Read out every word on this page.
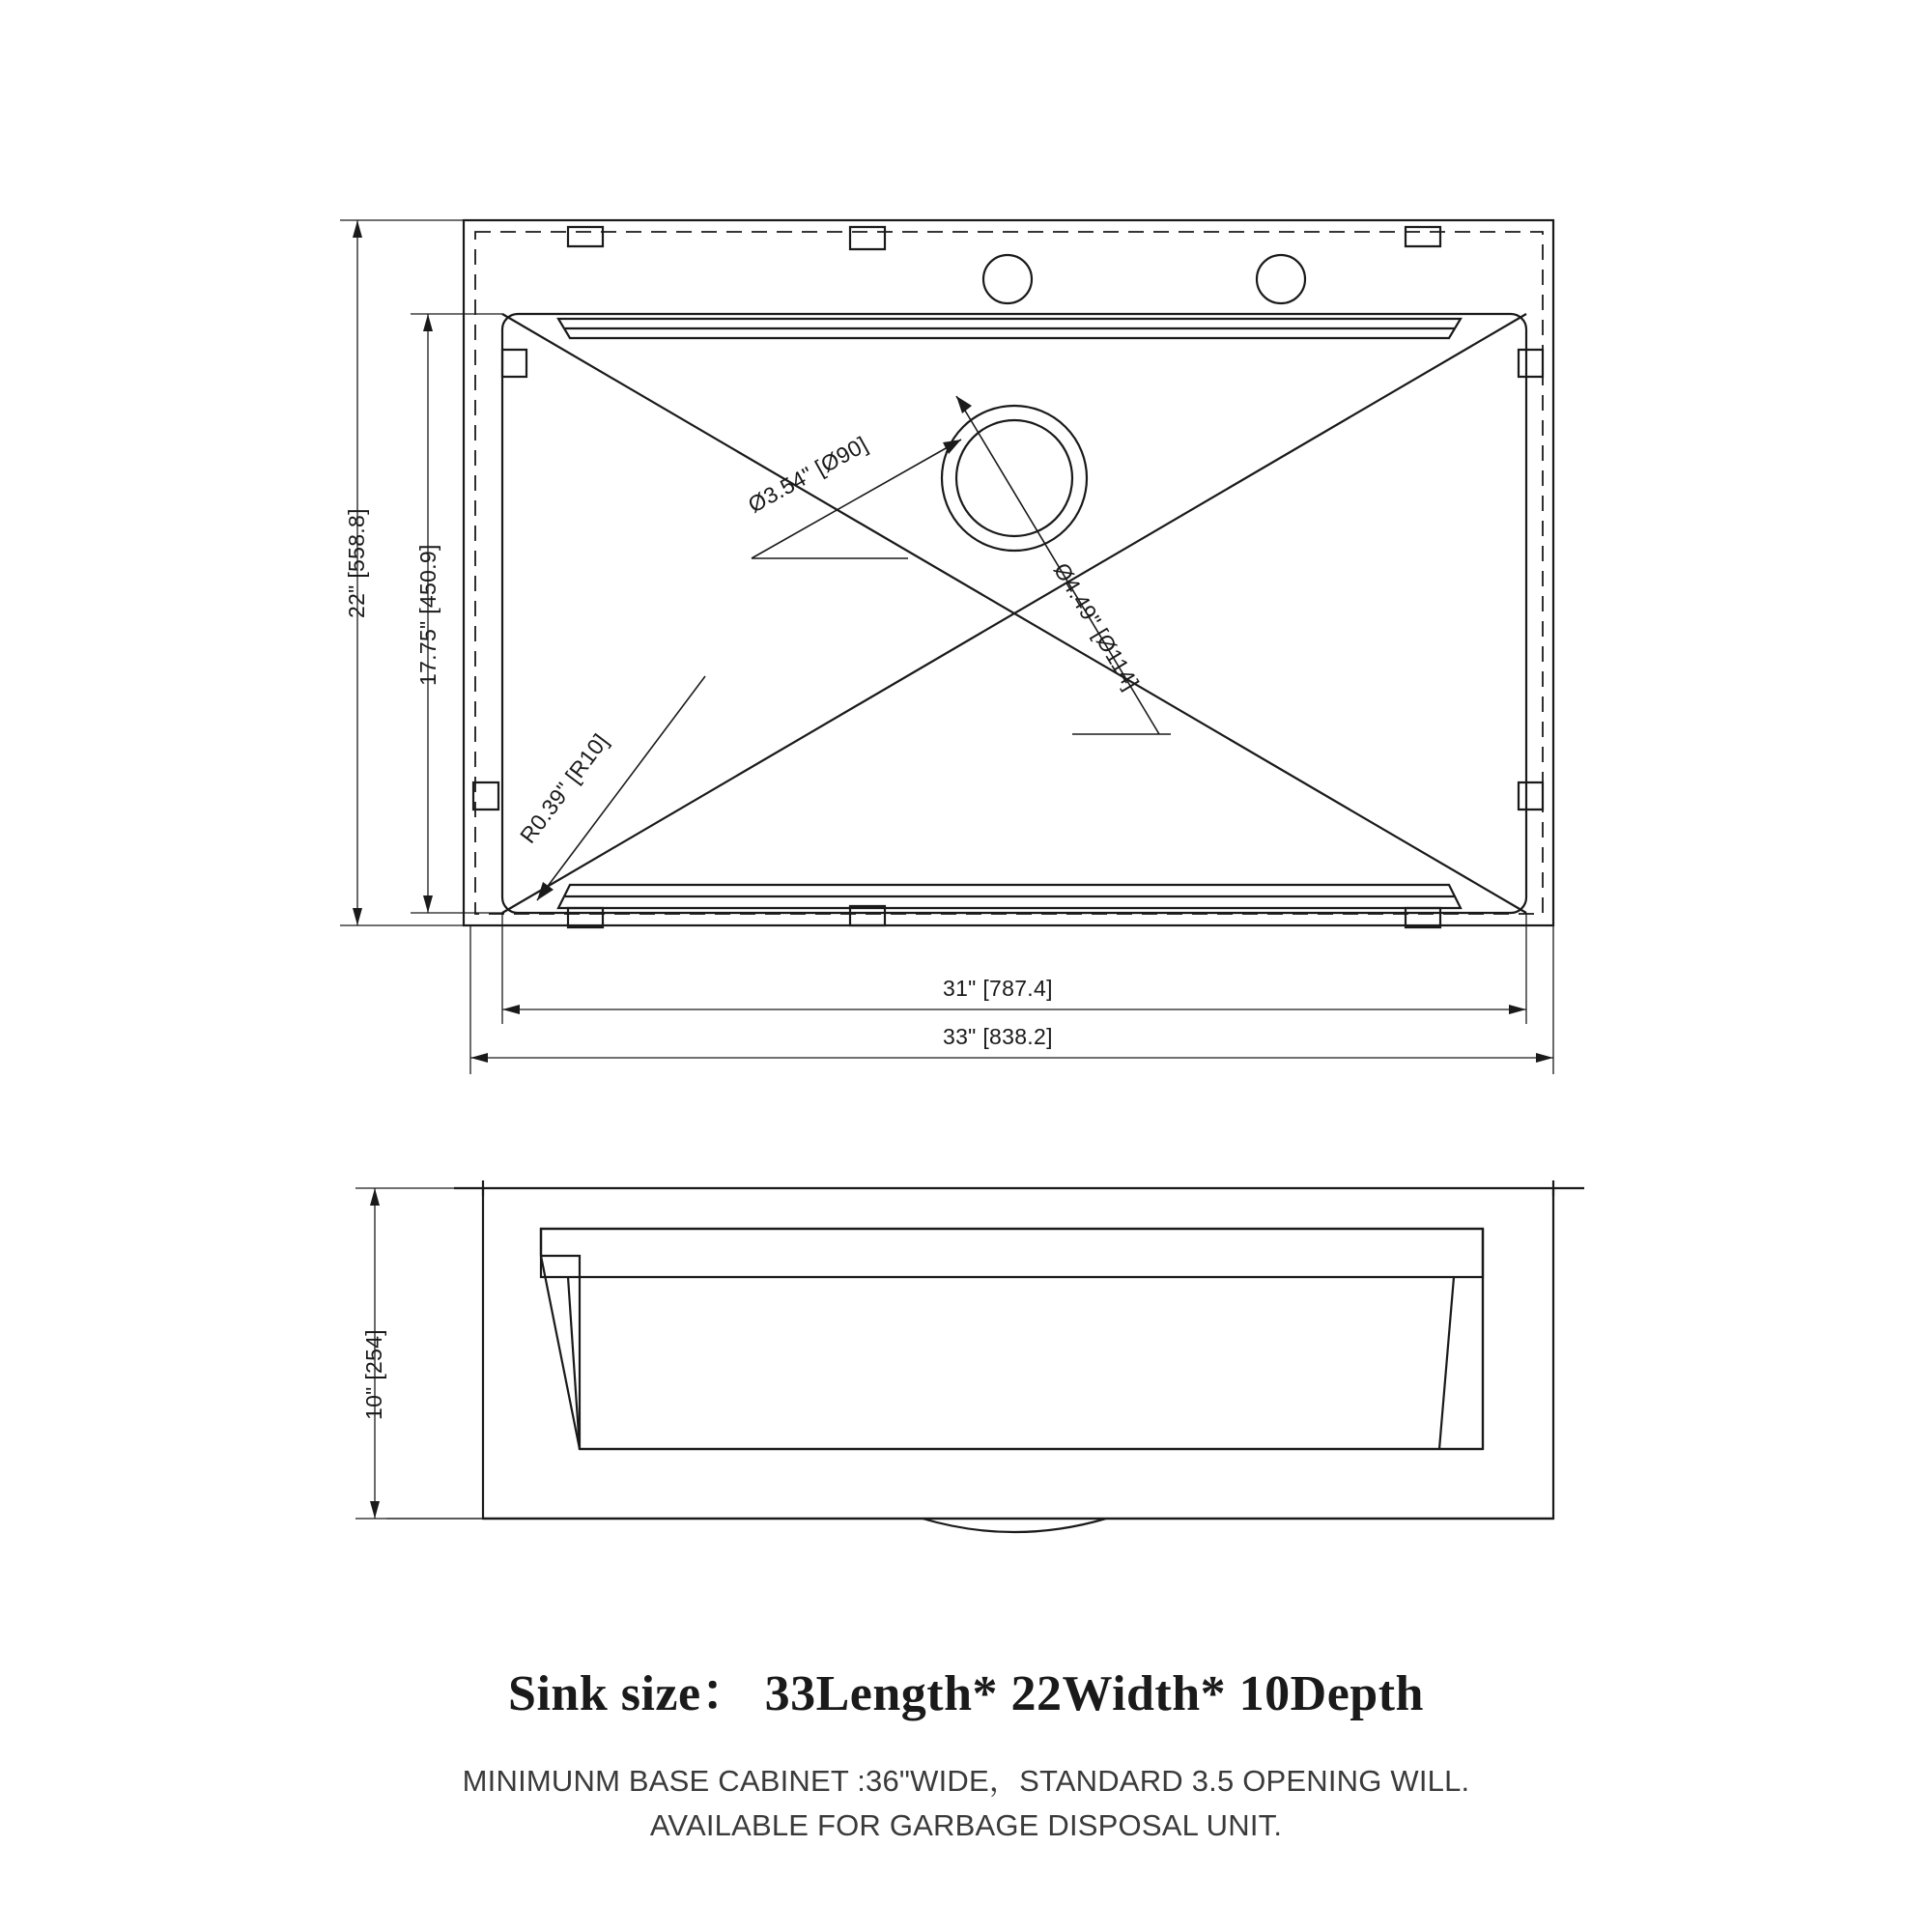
22" [558.8] 17.75" [450.9]
31" [787.4]
33" [838.2]
Ø3.54" [Ø90]
Ø4.49" [Ø114]
R0.39" [R10]
10" [254]
Sink size： 33Length* 22Width* 10Depth
MINIMUNM BASE CABINET :36"WIDE，STANDARD 3.5 OPENING WILL.
AVAILABLE FOR GARBAGE DISPOSAL UNIT.
